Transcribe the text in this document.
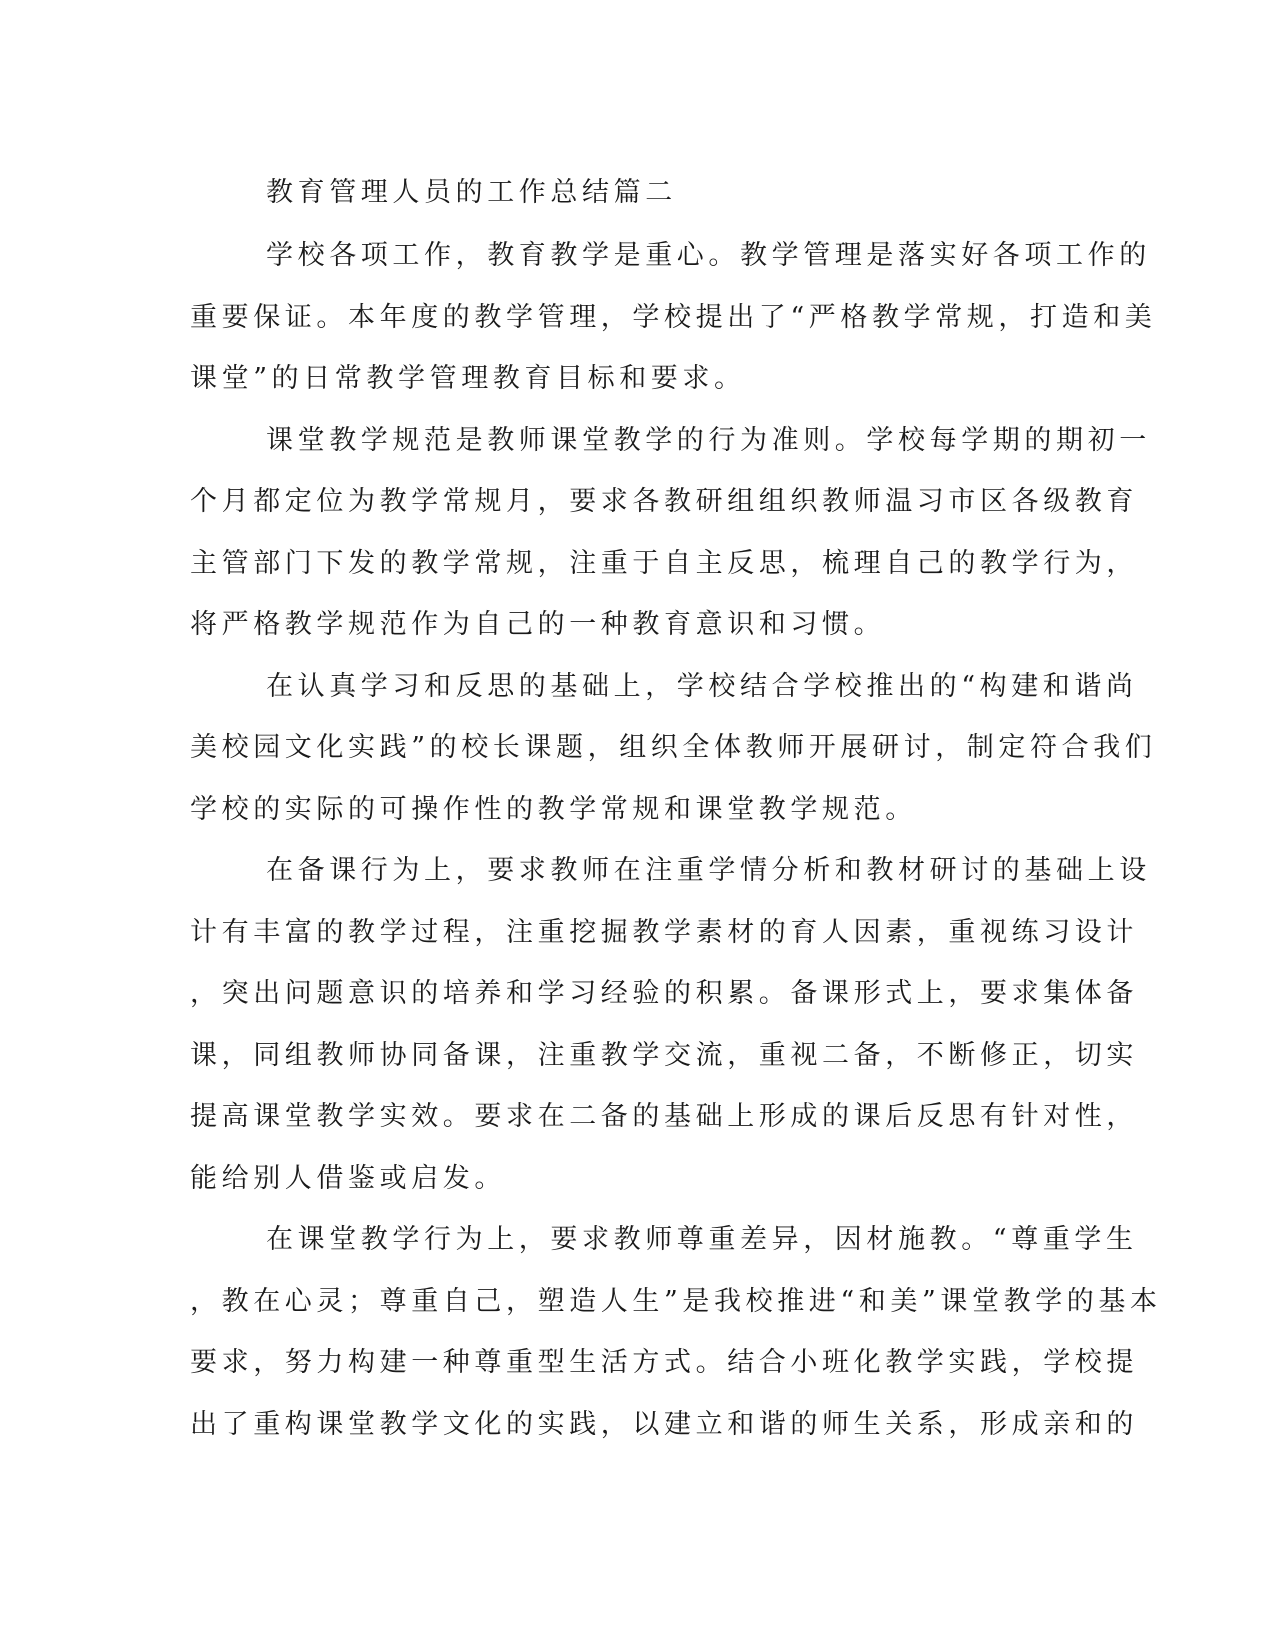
教育管理人员的工作总结篇二
学校各项工作，教育教学是重心。教学管理是落实好各项工作的
重要保证。本年度的教学管理，学校提出了“严格教学常规，打造和美
课堂”的日常教学管理教育目标和要求。
课堂教学规范是教师课堂教学的行为准则。学校每学期的期初一
个月都定位为教学常规月，要求各教研组组织教师温习市区各级教育
主管部门下发的教学常规，注重于自主反思，梳理自己的教学行为，
将严格教学规范作为自己的一种教育意识和习惯。
在认真学习和反思的基础上，学校结合学校推出的“构建和谐尚
美校园文化实践”的校长课题，组织全体教师开展研讨，制定符合我们
学校的实际的可操作性的教学常规和课堂教学规范。
在备课行为上，要求教师在注重学情分析和教材研讨的基础上设
计有丰富的教学过程，注重挖掘教学素材的育人因素，重视练习设计
，突出问题意识的培养和学习经验的积累。备课形式上，要求集体备
课，同组教师协同备课，注重教学交流，重视二备，不断修正，切实
提高课堂教学实效。要求在二备的基础上形成的课后反思有针对性，
能给别人借鉴或启发。
在课堂教学行为上，要求教师尊重差异，因材施教。“尊重学生
，教在心灵；尊重自己，塑造人生”是我校推进“和美”课堂教学的基本
要求，努力构建一种尊重型生活方式。结合小班化教学实践，学校提
出了重构课堂教学文化的实践，以建立和谐的师生关系，形成亲和的
